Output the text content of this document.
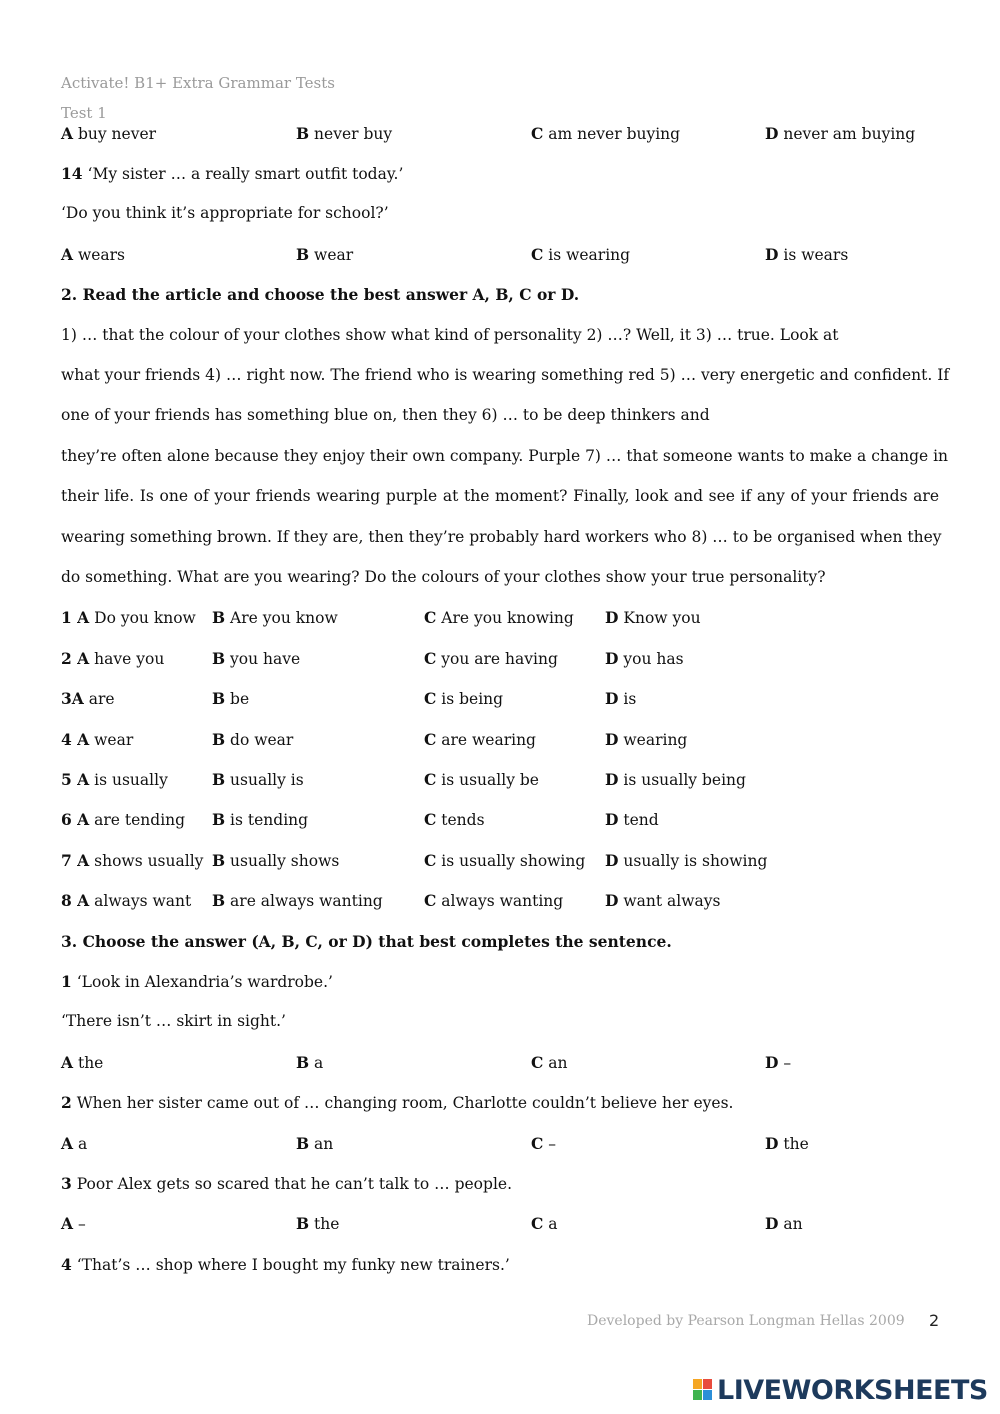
Activate! B1+ Extra Grammar Tests
Test 1
A buy never	B never buy	C am never buying	D never am buying
14 ‘My sister … a really smart outfit today.’
‘Do you think it’s appropriate for school?’
A wears	B wear	C is wearing	D is wears
2. Read the article and choose the best answer A, B, C or D.
1) … that the colour of your clothes show what kind of personality 2) …? Well, it 3) … true. Look at
what your friends 4) … right now. The friend who is wearing something red 5) … very energetic and confident. If
one of your friends has something blue on, then they 6) … to be deep thinkers and
they’re often alone because they enjoy their own company. Purple 7) … that someone wants to make a change in
their life. Is one of your friends wearing purple at the moment? Finally, look and see if any of your friends are
wearing something brown. If they are, then they’re probably hard workers who 8) … to be organised when they
do something. What are you wearing? Do the colours of your clothes show your true personality?
1 A Do you know B Are you know	C Are you knowing D Know you
2 A have you	B you have	C you are having	D you has
3A are	B be	C is being	D is
4 A wear	B do wear	C are wearing	D wearing
5 A is usually	B usually is	C is usually be	D is usually being
6 A are tending B is tending	C tends	D tend
7 A shows usually B usually shows	C is usually showing D usually is showing
8 A always want B are always wanting	C always wanting	D want always
3. Choose the answer (A, B, C, or D) that best completes the sentence.
1 ‘Look in Alexandria’s wardrobe.’
‘There isn’t … skirt in sight.’
A the	B a	C an	D –
2 When her sister came out of … changing room, Charlotte couldn’t believe her eyes.
A a	B an	C –	D the
3 Poor Alex gets so scared that he can’t talk to … people.
A –	B the	C a	D an
4 ‘That’s … shop where I bought my funky new trainers.’
Developed by Pearson Longman Hellas 2009 2
LIVEWORKSHEETS
